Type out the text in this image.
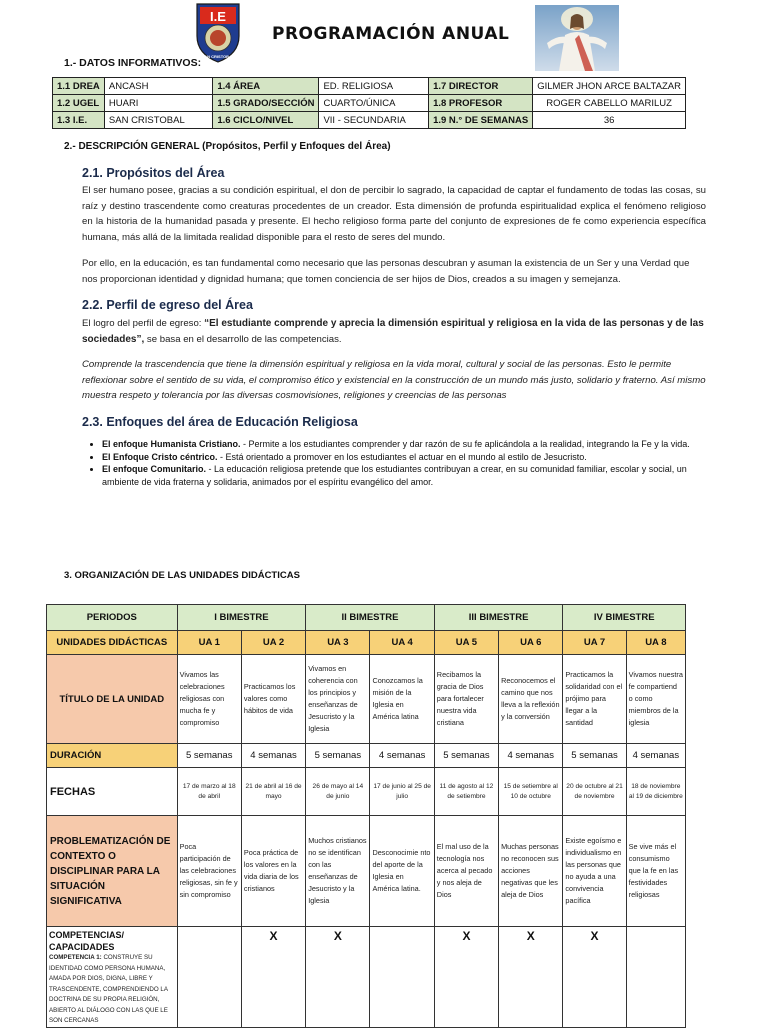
I.E
SAN CRISTOBAL
PROGRAMACIÓN ANUAL
1.- DATOS INFORMATIVOS:
1.1 DREA	ANCASH	1.4 ÁREA	ED. RELIGIOSA	1.7 DIRECTOR	GILMER JHON ARCE BALTAZAR
1.2 UGEL	HUARI	1.5 GRADO/SECCIÓN	CUARTO/ÚNICA	1.8 PROFESOR	ROGER CABELLO MARILUZ
1.3 I.E.	SAN CRISTOBAL	1.6 CICLO/NIVEL	VII - SECUNDARIA	1.9 N.° DE SEMANAS	36
2.- DESCRIPCIÓN GENERAL (Propósitos, Perfil y Enfoques del Área)
2.1. Propósitos del Área
El ser humano posee, gracias a su condición espiritual, el don de percibir lo sagrado, la capacidad de captar el fundamento de todas las cosas, su raíz y destino trascendente como creaturas procedentes de un creador. Esta dimensión de profunda espiritualidad explica el fenómeno religioso en la historia de la humanidad pasada y presente. El hecho religioso forma parte del conjunto de expresiones de fe como experiencia específica humana, más allá de la limitada realidad disponible para el resto de seres del mundo.
Por ello, en la educación, es tan fundamental como necesario que las personas descubran y asuman la existencia de un Ser y una Verdad que nos proporcionan identidad y dignidad humana; que tomen conciencia de ser hijos de Dios, creados a su imagen y semejanza.
2.2. Perfil de egreso del Área
El logro del perfil de egreso: “El estudiante comprende y aprecia la dimensión espiritual y religiosa en la vida de las personas y de las sociedades”, se basa en el desarrollo de las competencias.
Comprende la trascendencia que tiene la dimensión espiritual y religiosa en la vida moral, cultural y social de las personas. Esto le permite reflexionar sobre el sentido de su vida, el compromiso ético y existencial en la construcción de un mundo más justo, solidario y fraterno. Así mismo muestra respeto y tolerancia por las diversas cosmovisiones, religiones y creencias de las personas
2.3. Enfoques del área de Educación Religiosa
• El enfoque Humanista Cristiano. - Permite a los estudiantes comprender y dar razón de su fe aplicándola a la realidad, integrando la Fe y la vida.
• El Enfoque Cristo céntrico. - Está orientado a promover en los estudiantes el actuar en el mundo al estilo de Jesucristo.
• El enfoque Comunitario. - La educación religiosa pretende que los estudiantes contribuyan a crear, en su comunidad familiar, escolar y social, un ambiente de vida fraterna y solidaria, animados por el espíritu evangélico del amor.
3. ORGANIZACIÓN DE LAS UNIDADES DIDÁCTICAS
PERIODOS	I BIMESTRE		II BIMESTRE		III BIMESTRE		IV BIMESTRE	
UNIDADES DIDÁCTICAS	UA 1	UA 2	UA 3	UA 4	UA 5	UA 6	UA 7	UA 8
TÍTULO DE LA UNIDAD	Vivamos las celebraciones religiosas con mucha fe y compromiso	Practicamos los valores como hábitos de vida	Vivamos en coherencia con los principios y enseñanzas de Jesucristo y la Iglesia	Conozcamos la misión de la Iglesia en América latina	Recibamos la gracia de Dios para fortalecer nuestra vida cristiana	Reconocemos el camino que nos lleva a la reflexión y la conversión	Practicamos la solidaridad con el prójimo para llegar a la santidad	Vivamos nuestra fe compartiend o como miembros de la iglesia
DURACIÓN	5 semanas	4 semanas	5 semanas	4 semanas	5 semanas	4 semanas	5 semanas	4 semanas
FECHAS	17 de marzo al 18 de abril	21 de abril al 16 de mayo	26 de mayo al 14 de junio	17 de junio al 25 de julio	11 de agosto al 12 de setiembre	15 de setiembre al 10 de octubre	20 de octubre al 21 de noviembre	18 de noviembre al 19 de diciembre
PROBLEMATIZACIÓN DE CONTEXTO O DISCIPLINAR PARA LA SITUACIÓN SIGNIFICATIVA	Poca participación de las celebraciones religiosas, sin fe y sin compromiso	Poca práctica de los valores en la vida diaria de los cristianos	Muchos cristianos no se identifican con las enseñanzas de Jesucristo y la Iglesia	Desconocimie nto del aporte de la Iglesia en América latina.	El mal uso de la tecnología nos acerca al pecado y nos aleja de Dios	Muchas personas no reconocen sus acciones negativas que les aleja de Dios	Existe egoísmo e individualismo en las personas que no ayuda a una convivencia pacífica	Se vive más el consumismo que la fe en las festividades religiosas

COMPETENCIAS/ CAPACIDADES
COMPETENCIA 1: CONSTRUYE SU IDENTIDAD COMO PERSONA HUMANA, AMADA POR DIOS, DIGNA, LIBRE Y TRASCENDENTE, COMPRENDIENDO LA DOCTRINA DE SU PROPIA RELIGIÓN, ABIERTO AL DIÁLOGO CON LAS QUE LE SON CERCANAS		X	X		X	X	X	
